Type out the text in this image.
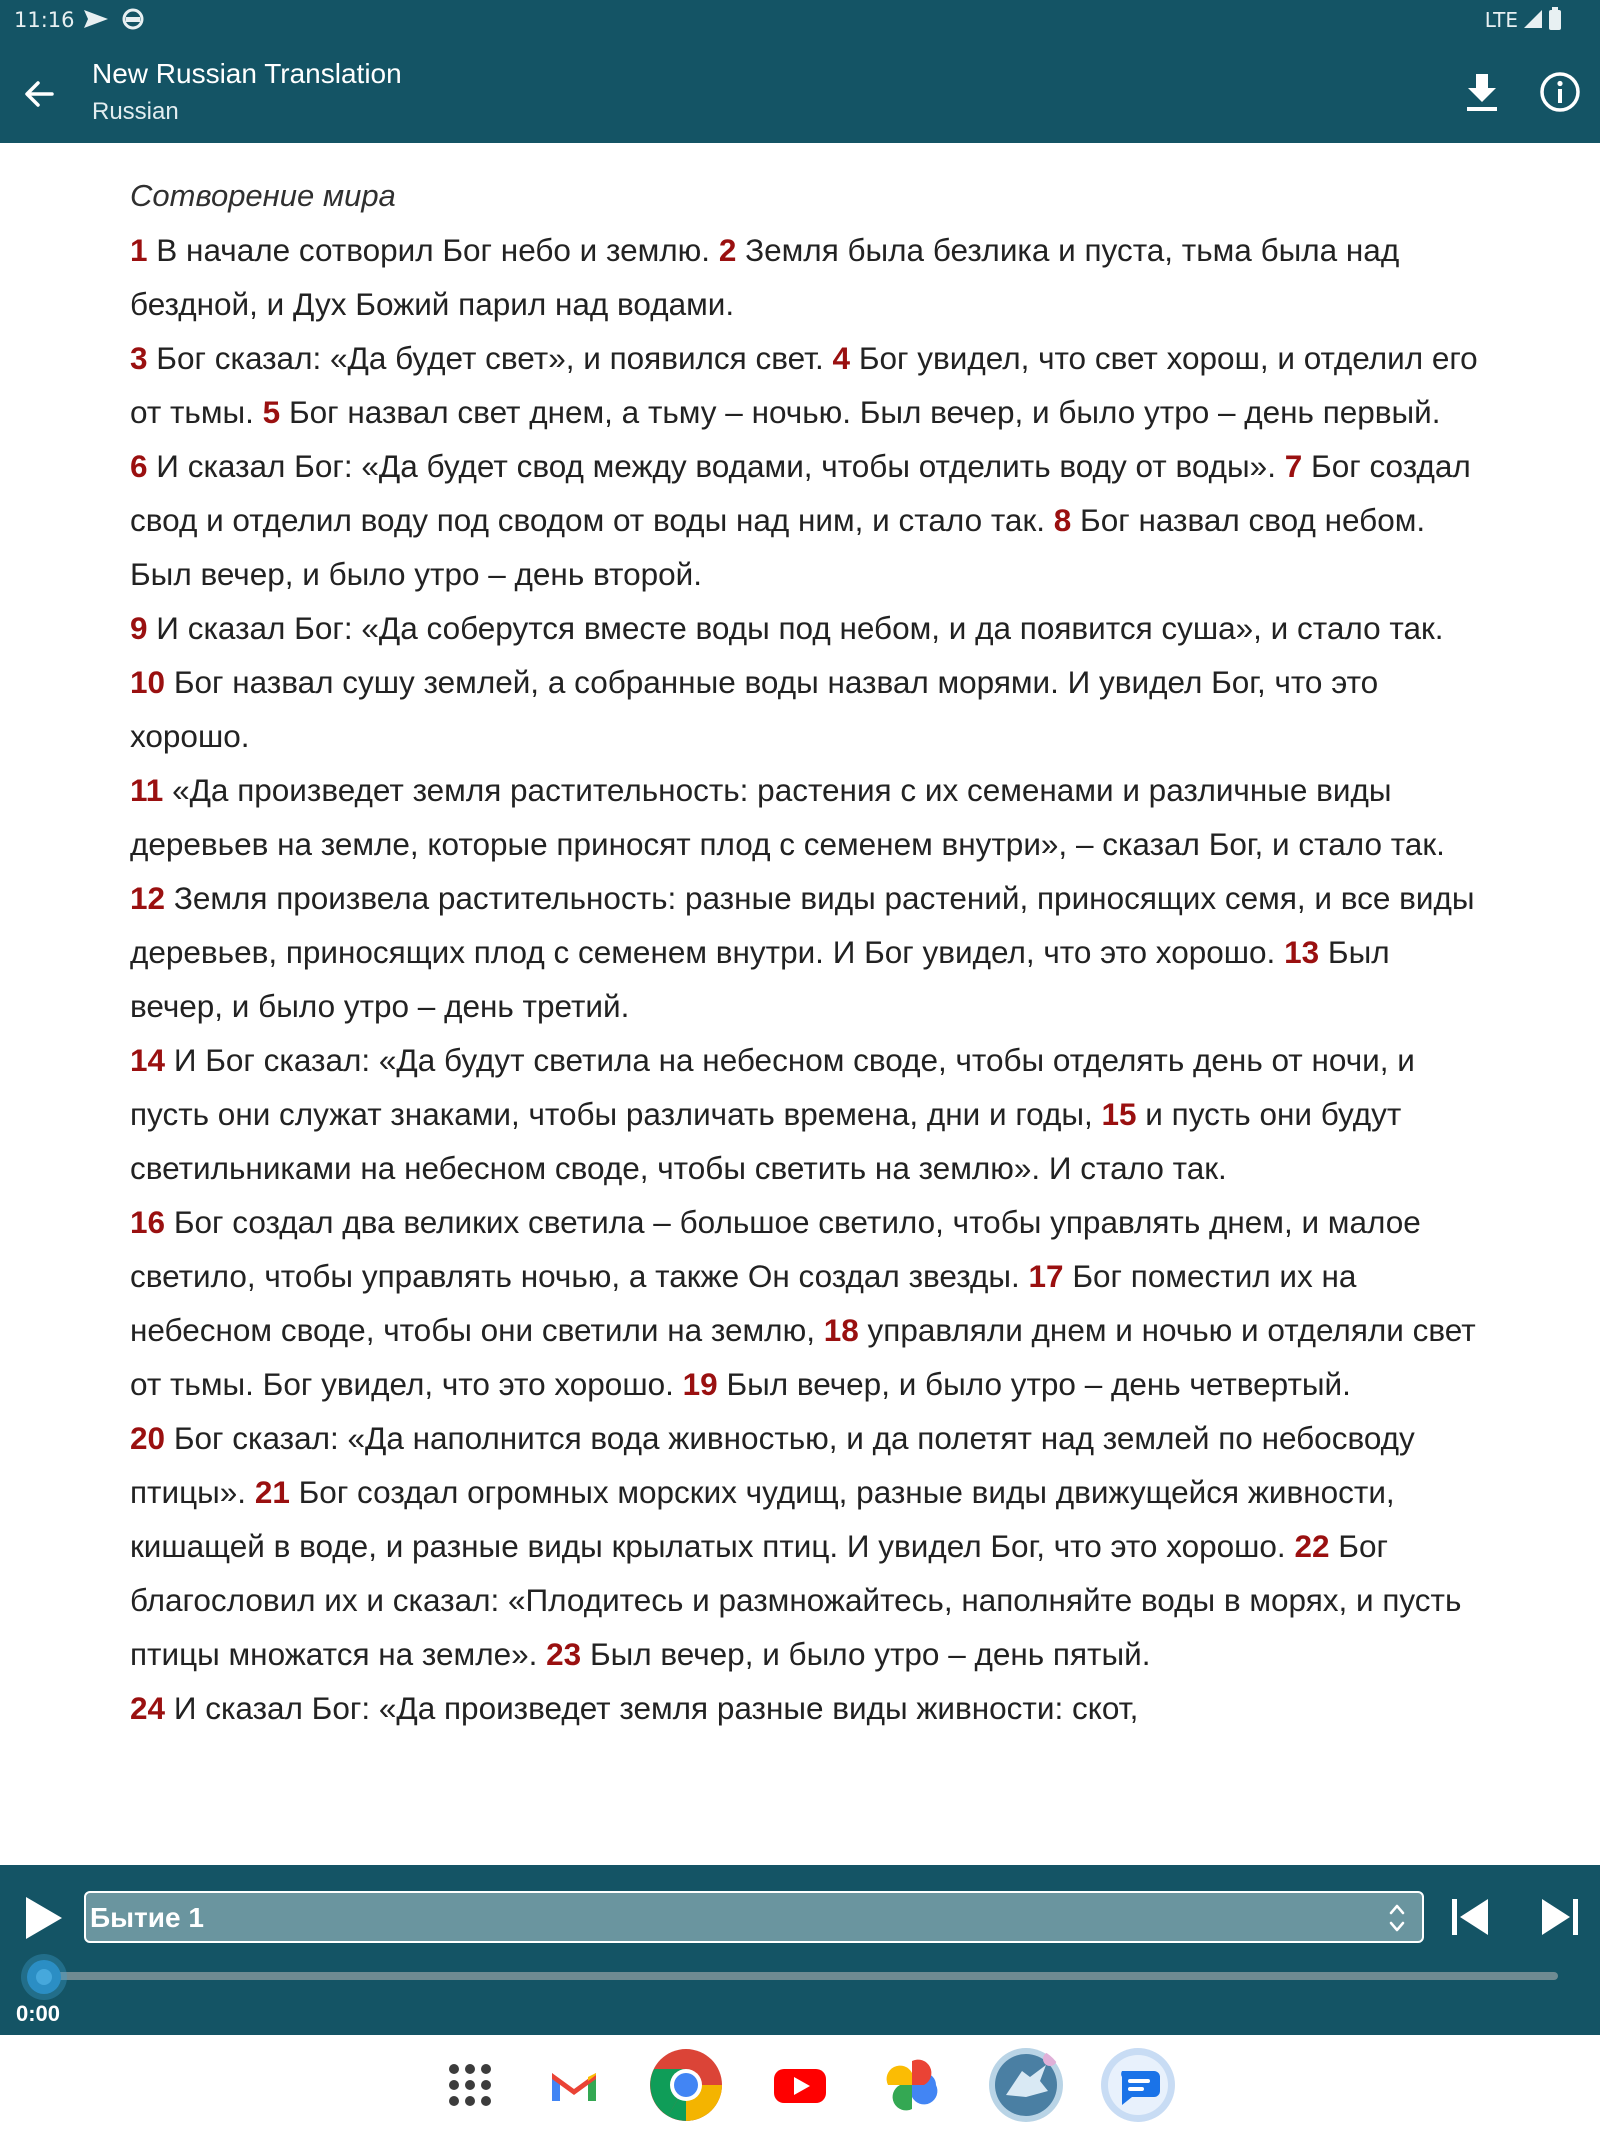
11:16	LTE
New Russian Translation
Russian
Сотворение мира

1 В начале сотворил Бог небо и землю. 2 Земля была безлика и пуста, тьма была над бездной, и Дух Божий парил над водами.

3 Бог сказал: «Да будет свет», и появился свет. 4 Бог увидел, что свет хорош, и отделил его от тьмы. 5 Бог назвал свет днем, а тьму – ночью. Был вечер, и было утро – день первый.

6 И сказал Бог: «Да будет свод между водами, чтобы отделить воду от воды». 7 Бог создал свод и отделил воду под сводом от воды над ним, и стало так. 8 Бог назвал свод небом. Был вечер, и было утро – день второй.

9 И сказал Бог: «Да соберутся вместе воды под небом, и да появится суша», и стало так. 10 Бог назвал сушу землей, а собранные воды назвал морями. И увидел Бог, что это хорошо.

11 «Да произведет земля растительность: растения с их семенами и различные виды деревьев на земле, которые приносят плод с семенем внутри», – сказал Бог, и стало так. 12 Земля произвела растительность: разные виды растений, приносящих семя, и все виды деревьев, приносящих плод с семенем внутри. И Бог увидел, что это хорошо. 13 Был вечер, и было утро – день третий.

14 И Бог сказал: «Да будут светила на небесном своде, чтобы отделять день от ночи, и пусть они служат знаками, чтобы различать времена, дни и годы, 15 и пусть они будут светильниками на небесном своде, чтобы светить на землю». И стало так.

16 Бог создал два великих светила – большое светило, чтобы управлять днем, и малое светило, чтобы управлять ночью, а также Он создал звезды. 17 Бог поместил их на небесном своде, чтобы они светили на землю, 18 управляли днем и ночью и отделяли свет от тьмы. Бог увидел, что это хорошо. 19 Был вечер, и было утро – день четвертый.

20 Бог сказал: «Да наполнится вода живностью, и да полетят над землей по небосводу птицы». 21 Бог создал огромных морских чудищ, разные виды движущейся живности, кишащей в воде, и разные виды крылатых птиц. И увидел Бог, что это хорошо. 22 Бог благословил их и сказал: «Плодитесь и размножайтесь, наполняйте воды в морях, и пусть птицы множатся на земле». 23 Был вечер, и было утро – день пятый.

24 И сказал Бог: «Да произведет земля разные виды живности: скот,

Бытие 1
0:00
